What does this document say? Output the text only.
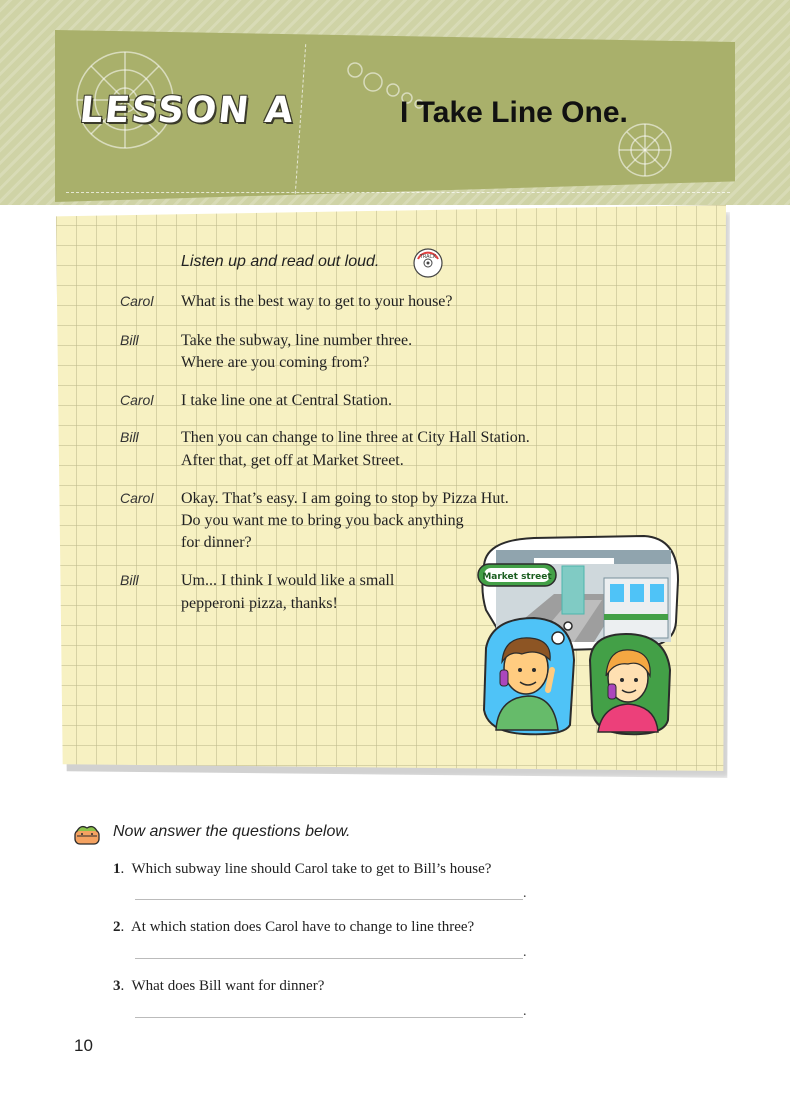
LESSON A	I Take Line One.
Listen up and read out loud.	TRACK
Carol What is the best way to get to your house?
Bill	Take the subway, line number three.
Where are you coming from?
Carol I take line one at Central Station.
Bill	Then you can change to line three at City Hall Station.
After that, get off at Market Street.
Carol Okay. That’s easy. I am going to stop by Pizza Hut.
Do you want me to bring you back anything
for dinner?
Bill	Um... I think I would like a small
pepperoni pizza, thanks!
Market street
Now answer the questions below.
1.  Which subway line should Carol take to get to Bill’s house?
.
2.  At which station does Carol have to change to line three?
.
3.  What does Bill want for dinner?
.
10
